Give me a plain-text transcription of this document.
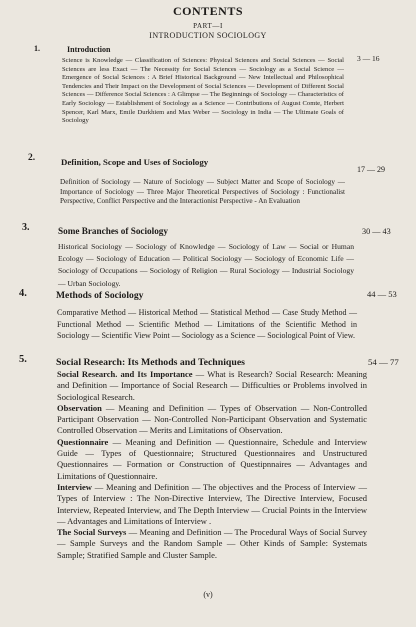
CONTENTS
PART—I
INTRODUCTION SOCIOLOGY
1.	Introduction
3 — 16
Science is Knowledge — Classification of Sciences: Physical Sciences and Social Sciences — Social Sciences are less Exact — The Necessity for Social Sciences — Sociology as a Social Science — Emergence of Social Sciences : A Brief Historical Background — New Intellectual and Philosophical Tendencies and Their Impact on the Development of Social Sciences — Development of Different Social Sciences — Difference Social Sciences : A Glimpse — The Beginnings of Sociology — Characteristics of Early Sociology — Establishment of Sociology as a Science — Contributions of August Comte, Herbert Spencer, Karl Marx, Emile Durkhiem and Max Weber — Sociology in India — The Ultimate Goals of Sociology
2.	Definition, Scope and Uses of Sociology
17 — 29
Definition of Sociology — Nature of Sociology — Subject Matter and Scope of Sociology — Importance of Sociology — Three Major Theoretical Perspectives of Sociology : Functionalist Perspective, Conflict Perspective and the Interactionist Perspective - An Evaluation
3.	Some Branches of Sociology	30 — 43
Historical Sociology — Sociology of Knowledge — Sociology of Law — Social or Human Ecology — Sociology of Education — Political Sociology — Sociology of Economic Life — Sociology of Occupations — Sociology of Religion — Rural Sociology — Industrial Sociology — Urban Sociology.
4.	Methods of Sociology	44 — 53
Comparative Method — Historical Method — Statistical Method — Case Study Method — Functional Method — Scientific Method — Limitations of the Scientific Method in Sociology — Scientific View Point — Sociology as a Science — Sociological Point of View.
5.	Social Research: Its Methods and Techniques	54 — 77
Social Research. and Its Importance — What is Research? Social Research: Meaning and Definition — Importance of Social Research — Difficulties or Problems involved in Sociological Research.
Observation — Meaning and Definition — Types of Observation — Non-Controlled Participant Observation — Non-Controlled Non-Participant Observation and Systematic Controlled Observation — Merits and Limitations of Observation.
Questionnaire — Meaning and Definition — Questionnaire, Schedule and Interview Guide — Types of Questionnaire; Structured Questionnaires and Unstructured Questionnaires — Formation or Construction of Questipnnaires — Advantages and Limitations of Questionnaire.
Interview — Meaning and Definition — The objectives and the Process of Interview — Types of Interview : The Non-Directive Interview, The Directive Interview, Focused Interview, Repeated Interview, and The Depth Interview — Crucial Points in the Interview — Advantages and Limitations of Interview .
The Social Surveys — Meaning and Definition — The Procedural Ways of Social Survey — Sample Surveys and the Random Sample — Other Kinds of Sample: Systemats Sample; Stratified Sample and Cluster Sample.
(v)
